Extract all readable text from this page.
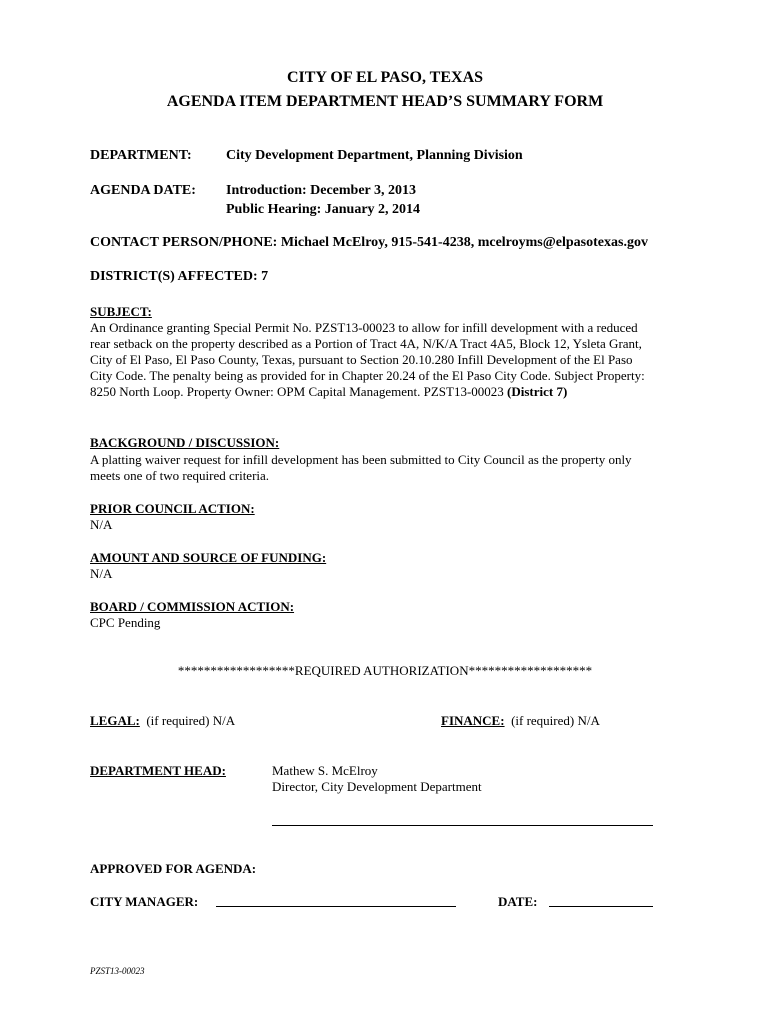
CITY OF EL PASO, TEXAS
AGENDA ITEM DEPARTMENT HEAD’S SUMMARY FORM
DEPARTMENT: City Development Department, Planning Division
AGENDA DATE: Introduction: December 3, 2013
Public Hearing: January 2, 2014
CONTACT PERSON/PHONE: Michael McElroy, 915-541-4238, mcelroyms@elpasotexas.gov
DISTRICT(S) AFFECTED: 7
SUBJECT:
An Ordinance granting Special Permit No. PZST13-00023 to allow for infill development with a reduced
rear setback on the property described as a Portion of Tract 4A, N/K/A Tract 4A5, Block 12, Ysleta Grant,
City of El Paso, El Paso County, Texas, pursuant to Section 20.10.280 Infill Development of the El Paso
City Code. The penalty being as provided for in Chapter 20.24 of the El Paso City Code. Subject Property:
8250 North Loop. Property Owner: OPM Capital Management. PZST13-00023 (District 7)
BACKGROUND / DISCUSSION:
A platting waiver request for infill development has been submitted to City Council as the property only
meets one of two required criteria.
PRIOR COUNCIL ACTION:
N/A
AMOUNT AND SOURCE OF FUNDING:
N/A
BOARD / COMMISSION ACTION:
CPC Pending
******************REQUIRED AUTHORIZATION*******************
LEGAL: (if required) N/A	FINANCE: (if required) N/A
DEPARTMENT HEAD:	Mathew S. McElroy
Director, City Development Department
APPROVED FOR AGENDA:
CITY MANAGER:	DATE:
PZST13-00023
